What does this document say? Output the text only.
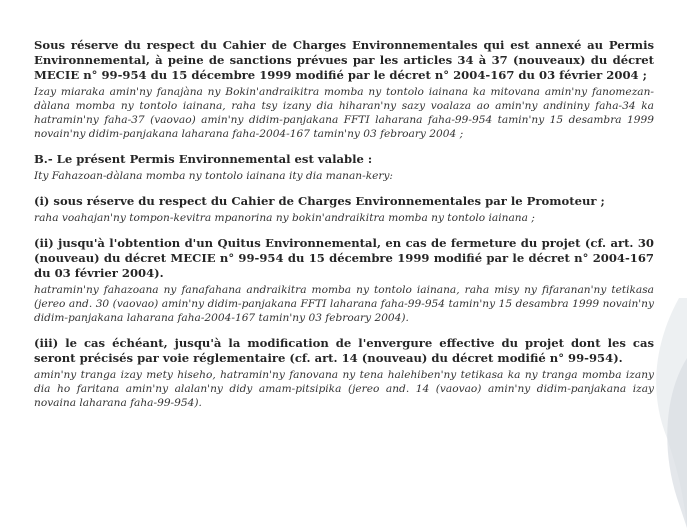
Sous réserve du respect du Cahier de Charges Environnementales qui est annexé au Permis Environnemental, à peine de sanctions prévues par les articles 34 à 37 (nouveaux) du décret MECIE n° 99-954 du 15 décembre 1999 modifié par le décret n° 2004-167 du 03 février 2004 ;

Izay miaraka amin'ny fanajàna ny Bokin'andraikitra momba ny tontolo iainana ka mitovana amin'ny fanomezan-dàlana momba ny tontolo iainana, raha tsy izany dia hiharan'ny sazy voalaza ao amin'ny andininy faha-34 ka hatramin'ny faha-37 (vaovao) amin'ny didim-panjakana FFTI laharana faha-99-954 tamin'ny 15 desambra 1999 novain'ny didim-panjakana laharana faha-2004-167 tamin'ny 03 febroary 2004 ;

B.- Le présent Permis Environnemental est valable :

Ity Fahazoan-dàlana momba ny tontolo iainana ity dia manan-kery:

(i) sous réserve du respect du Cahier de Charges Environnementales par le Promoteur ;

raha voahajan'ny tompon-kevitra mpanorina ny bokin'andraikitra momba ny tontolo iainana ;

(ii) jusqu'à l'obtention d'un Quitus Environnemental, en cas de fermeture du projet (cf. art. 30 (nouveau) du décret MECIE n° 99-954 du 15 décembre 1999 modifié par le décret n° 2004-167 du 03 février 2004).

hatramin'ny fahazoana ny fanafahana andraikitra momba ny tontolo iainana, raha misy ny fifaranan'ny tetikasa (jereo and. 30 (vaovao) amin'ny didim-panjakana FFTI laharana faha-99-954 tamin'ny 15 desambra 1999 novain'ny didim-panjakana laharana faha-2004-167 tamin'ny 03 febroary 2004).

(iii) le cas échéant, jusqu'à la modification de l'envergure effective du projet dont les cas seront précisés par voie réglementaire (cf. art. 14 (nouveau) du décret modifié n° 99-954).

amin'ny tranga izay mety hiseho, hatramin'ny fanovana ny tena halehiben'ny tetikasa ka ny tranga momba izany dia ho faritana amin'ny alalan'ny didy amam-pitsipika (jereo and. 14 (vaovao) amin'ny didim-panjakana izay novaina laharana faha-99-954).
